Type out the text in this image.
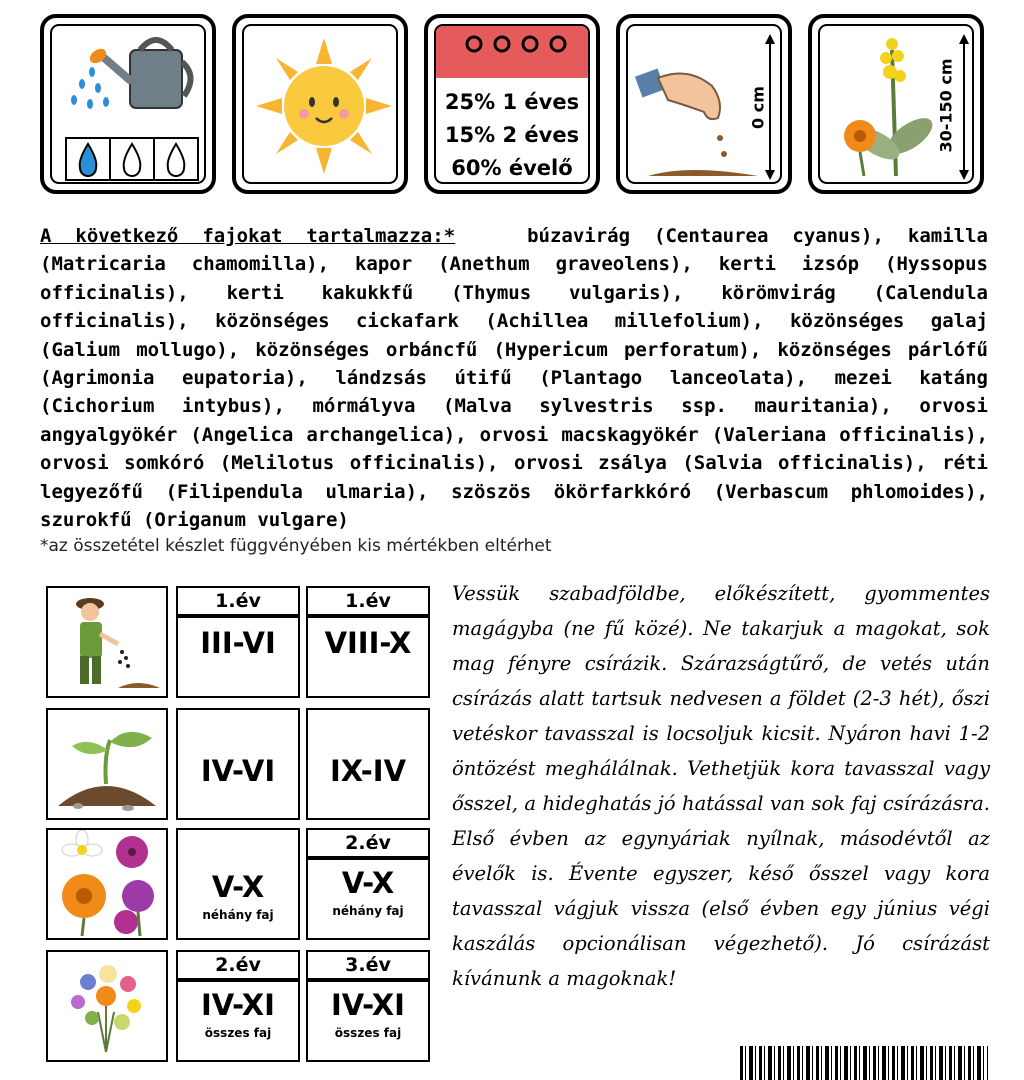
25% 1 éves
15% 2 éves
60% évelő
0 cm	30-150 cm
A következő fajokat tartalmazza:*	búzavirág (Centaurea cyanus), kamilla (Matricaria chamomilla), kapor (Anethum graveolens), kerti izsóp (Hyssopus officinalis), kerti kakukkfű (Thymus vulgaris), körömvirág (Calendula officinalis), közönséges cickafark (Achillea millefolium), közönséges galaj (Galium mollugo), közönséges orbáncfű (Hypericum perforatum), közönséges párlófű (Agrimonia eupatoria), lándzsás útifű (Plantago lanceolata), mezei katáng (Cichorium intybus), mórmályva (Malva sylvestris ssp. mauritania), orvosi angyalgyökér (Angelica archangelica), orvosi macskagyökér (Valeriana officinalis), orvosi somkóró (Melilotus officinalis), orvosi zsálya (Salvia officinalis), réti legyezőfű (Filipendula ulmaria), szöszös ökörfarkkóró (Verbascum phlomoides), szurokfű (Origanum vulgare)
*az összetétel készlet függvényében kis mértékben eltérhet
1.év
III-VI
1.év
VIII-X
IV-VI	IX-IV
V-X
néhány faj
2.év
V-X
néhány faj
2.év
IV-XI
összes faj
3.év
IV-XI
összes faj
Vessük szabadföldbe, előkészített, gyommentes magágyba (ne fű közé). Ne takarjuk a magokat, sok mag fényre csírázik. Szárazságtűrő, de vetés után csírázás alatt tartsuk nedvesen a földet (2-3 hét), őszi vetéskor tavasszal is locsoljuk kicsit. Nyáron havi 1-2 öntözést meghálálnak. Vethetjük kora tavasszal vagy ősszel, a hideghatás jó hatással van sok faj csírázásra. Első évben az egynyáriak nyílnak, másodévtől az évelők is. Évente egyszer, késő ősszel vagy kora tavasszal vágjuk vissza (első évben egy június végi kaszálás opcionálisan végezhető). Jó csírázást kívánunk a magoknak!
